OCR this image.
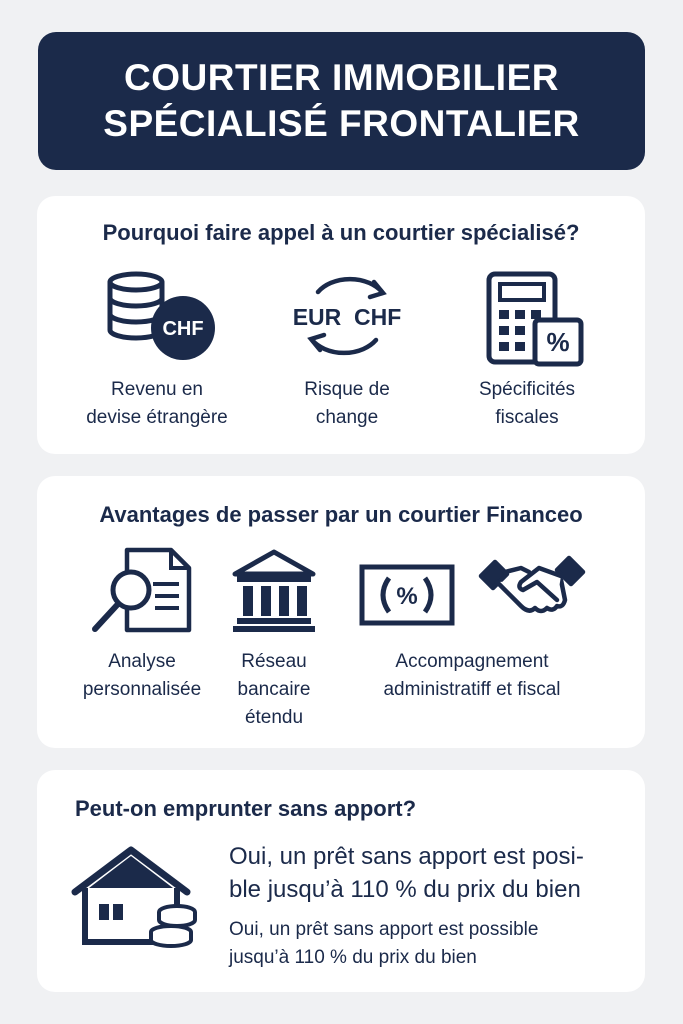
COURTIER IMMOBILIER
SPÉCIALISÉ FRONTALIER
Pourquoi faire appel à un courtier spécialisé?
CHF
Revenu en
devise étrangère
EUR  CHF
Risque de
change
%
Spécificités
fiscales
Avantages de passer par un courtier Financeo
Analyse
personnalisée
Réseau
bancaire
étendu
%
Accompagnement
administratiff et fiscal
Peut-on emprunter sans apport?
Oui, un prêt sans apport est posi-
ble jusqu’à 110 % du prix du bien
Oui, un prêt sans apport est possible
jusqu’à 110 % du prix du bien
